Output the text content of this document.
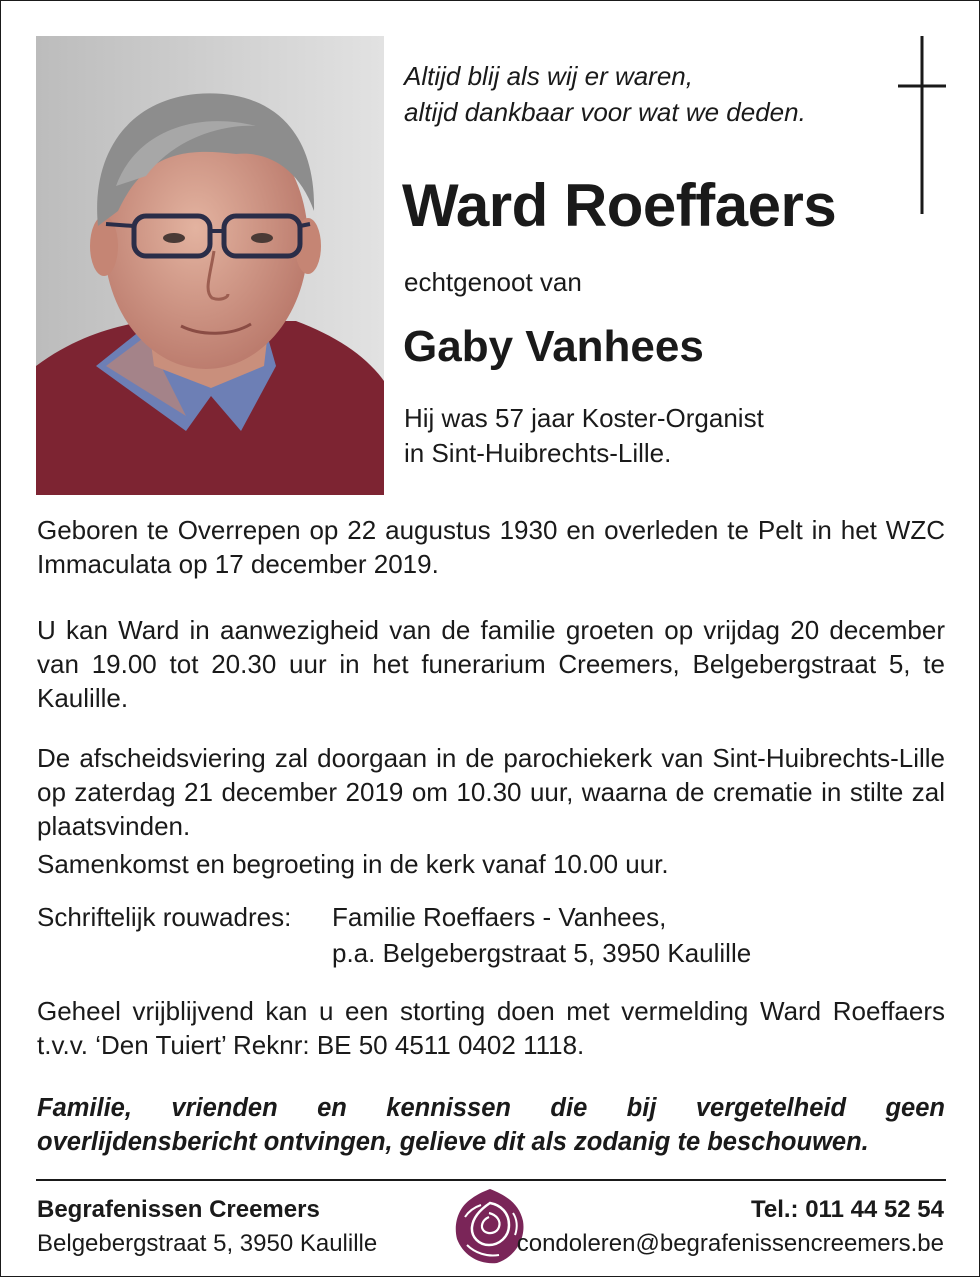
Altijd blij als wij er waren,
altijd dankbaar voor wat we deden.
Ward Roeffaers
echtgenoot van
Gaby Vanhees
Hij was 57 jaar Koster-Organist
in Sint-Huibrechts-Lille.

Geboren te Overrepen op 22 augustus 1930 en overleden te Pelt in het WZC Immaculata op 17 december 2019.

U kan Ward in aanwezigheid van de familie groeten op vrijdag 20 december van 19.00 tot 20.30 uur in het funerarium Creemers, Belgebergstraat 5, te Kaulille.

De afscheidsviering zal doorgaan in de parochiekerk van Sint-Huibrechts-Lille op zaterdag 21 december 2019 om 10.30 uur, waarna de crematie in stilte zal plaatsvinden.

Samenkomst en begroeting in de kerk vanaf 10.00 uur.

Schriftelijk rouwadres: Familie Roeffaers - Vanhees,
p.a. Belgebergstraat 5, 3950 Kaulille

Geheel vrijblijvend kan u een storting doen met vermelding Ward Roeffaers t.v.v. ‘Den Tuiert’ Reknr: BE 50 4511 0402 1118.

Familie, vrienden en kennissen die bij vergetelheid geen overlijdensbericht ontvingen, gelieve dit als zodanig te beschouwen.

Begrafenissen Creemers
Belgebergstraat 5, 3950 Kaulille
Tel.: 011 44 52 54
condoleren@begrafenissencreemers.be
